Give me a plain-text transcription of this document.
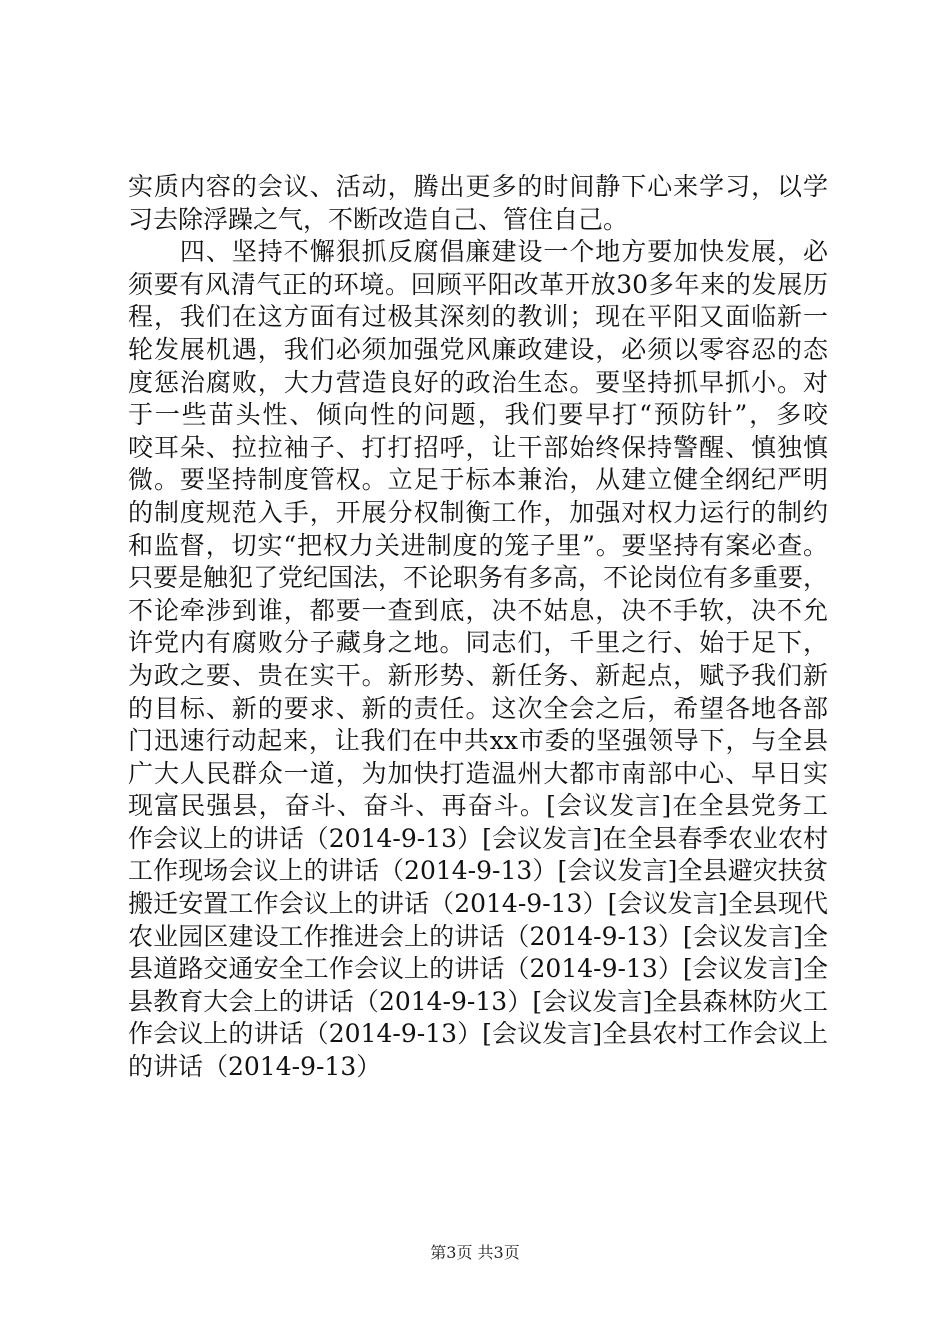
实质内容的会议、活动，腾出更多的时间静下心来学习，以学
习去除浮躁之气，不断改造自己、管住自己。
　　四、坚持不懈狠抓反腐倡廉建设一个地方要加快发展，必
须要有风清气正的环境。回顾平阳改革开放30多年来的发展历
程，我们在这方面有过极其深刻的教训；现在平阳又面临新一
轮发展机遇，我们必须加强党风廉政建设，必须以零容忍的态
度惩治腐败，大力营造良好的政治生态。要坚持抓早抓小。对
于一些苗头性、倾向性的问题，我们要早打“预防针”，多咬
咬耳朵、拉拉袖子、打打招呼，让干部始终保持警醒、慎独慎
微。要坚持制度管权。立足于标本兼治，从建立健全纲纪严明
的制度规范入手，开展分权制衡工作，加强对权力运行的制约
和监督，切实“把权力关进制度的笼子里”。要坚持有案必查。
只要是触犯了党纪国法，不论职务有多高，不论岗位有多重要，
不论牵涉到谁，都要一查到底，决不姑息，决不手软，决不允
许党内有腐败分子藏身之地。同志们，千里之行、始于足下，
为政之要、贵在实干。新形势、新任务、新起点，赋予我们新
的目标、新的要求、新的责任。这次全会之后，希望各地各部
门迅速行动起来，让我们在中共xx市委的坚强领导下，与全县
广大人民群众一道，为加快打造温州大都市南部中心、早日实
现富民强县，奋斗、奋斗、再奋斗。[会议发言]在全县党务工
作会议上的讲话（2014-9-13）[会议发言]在全县春季农业农村
工作现场会议上的讲话（2014-9-13）[会议发言]全县避灾扶贫
搬迁安置工作会议上的讲话（2014-9-13）[会议发言]全县现代
农业园区建设工作推进会上的讲话（2014-9-13）[会议发言]全
县道路交通安全工作会议上的讲话（2014-9-13）[会议发言]全
县教育大会上的讲话（2014-9-13）[会议发言]全县森林防火工
作会议上的讲话（2014-9-13）[会议发言]全县农村工作会议上
的讲话（2014-9-13）
第3页 共3页
